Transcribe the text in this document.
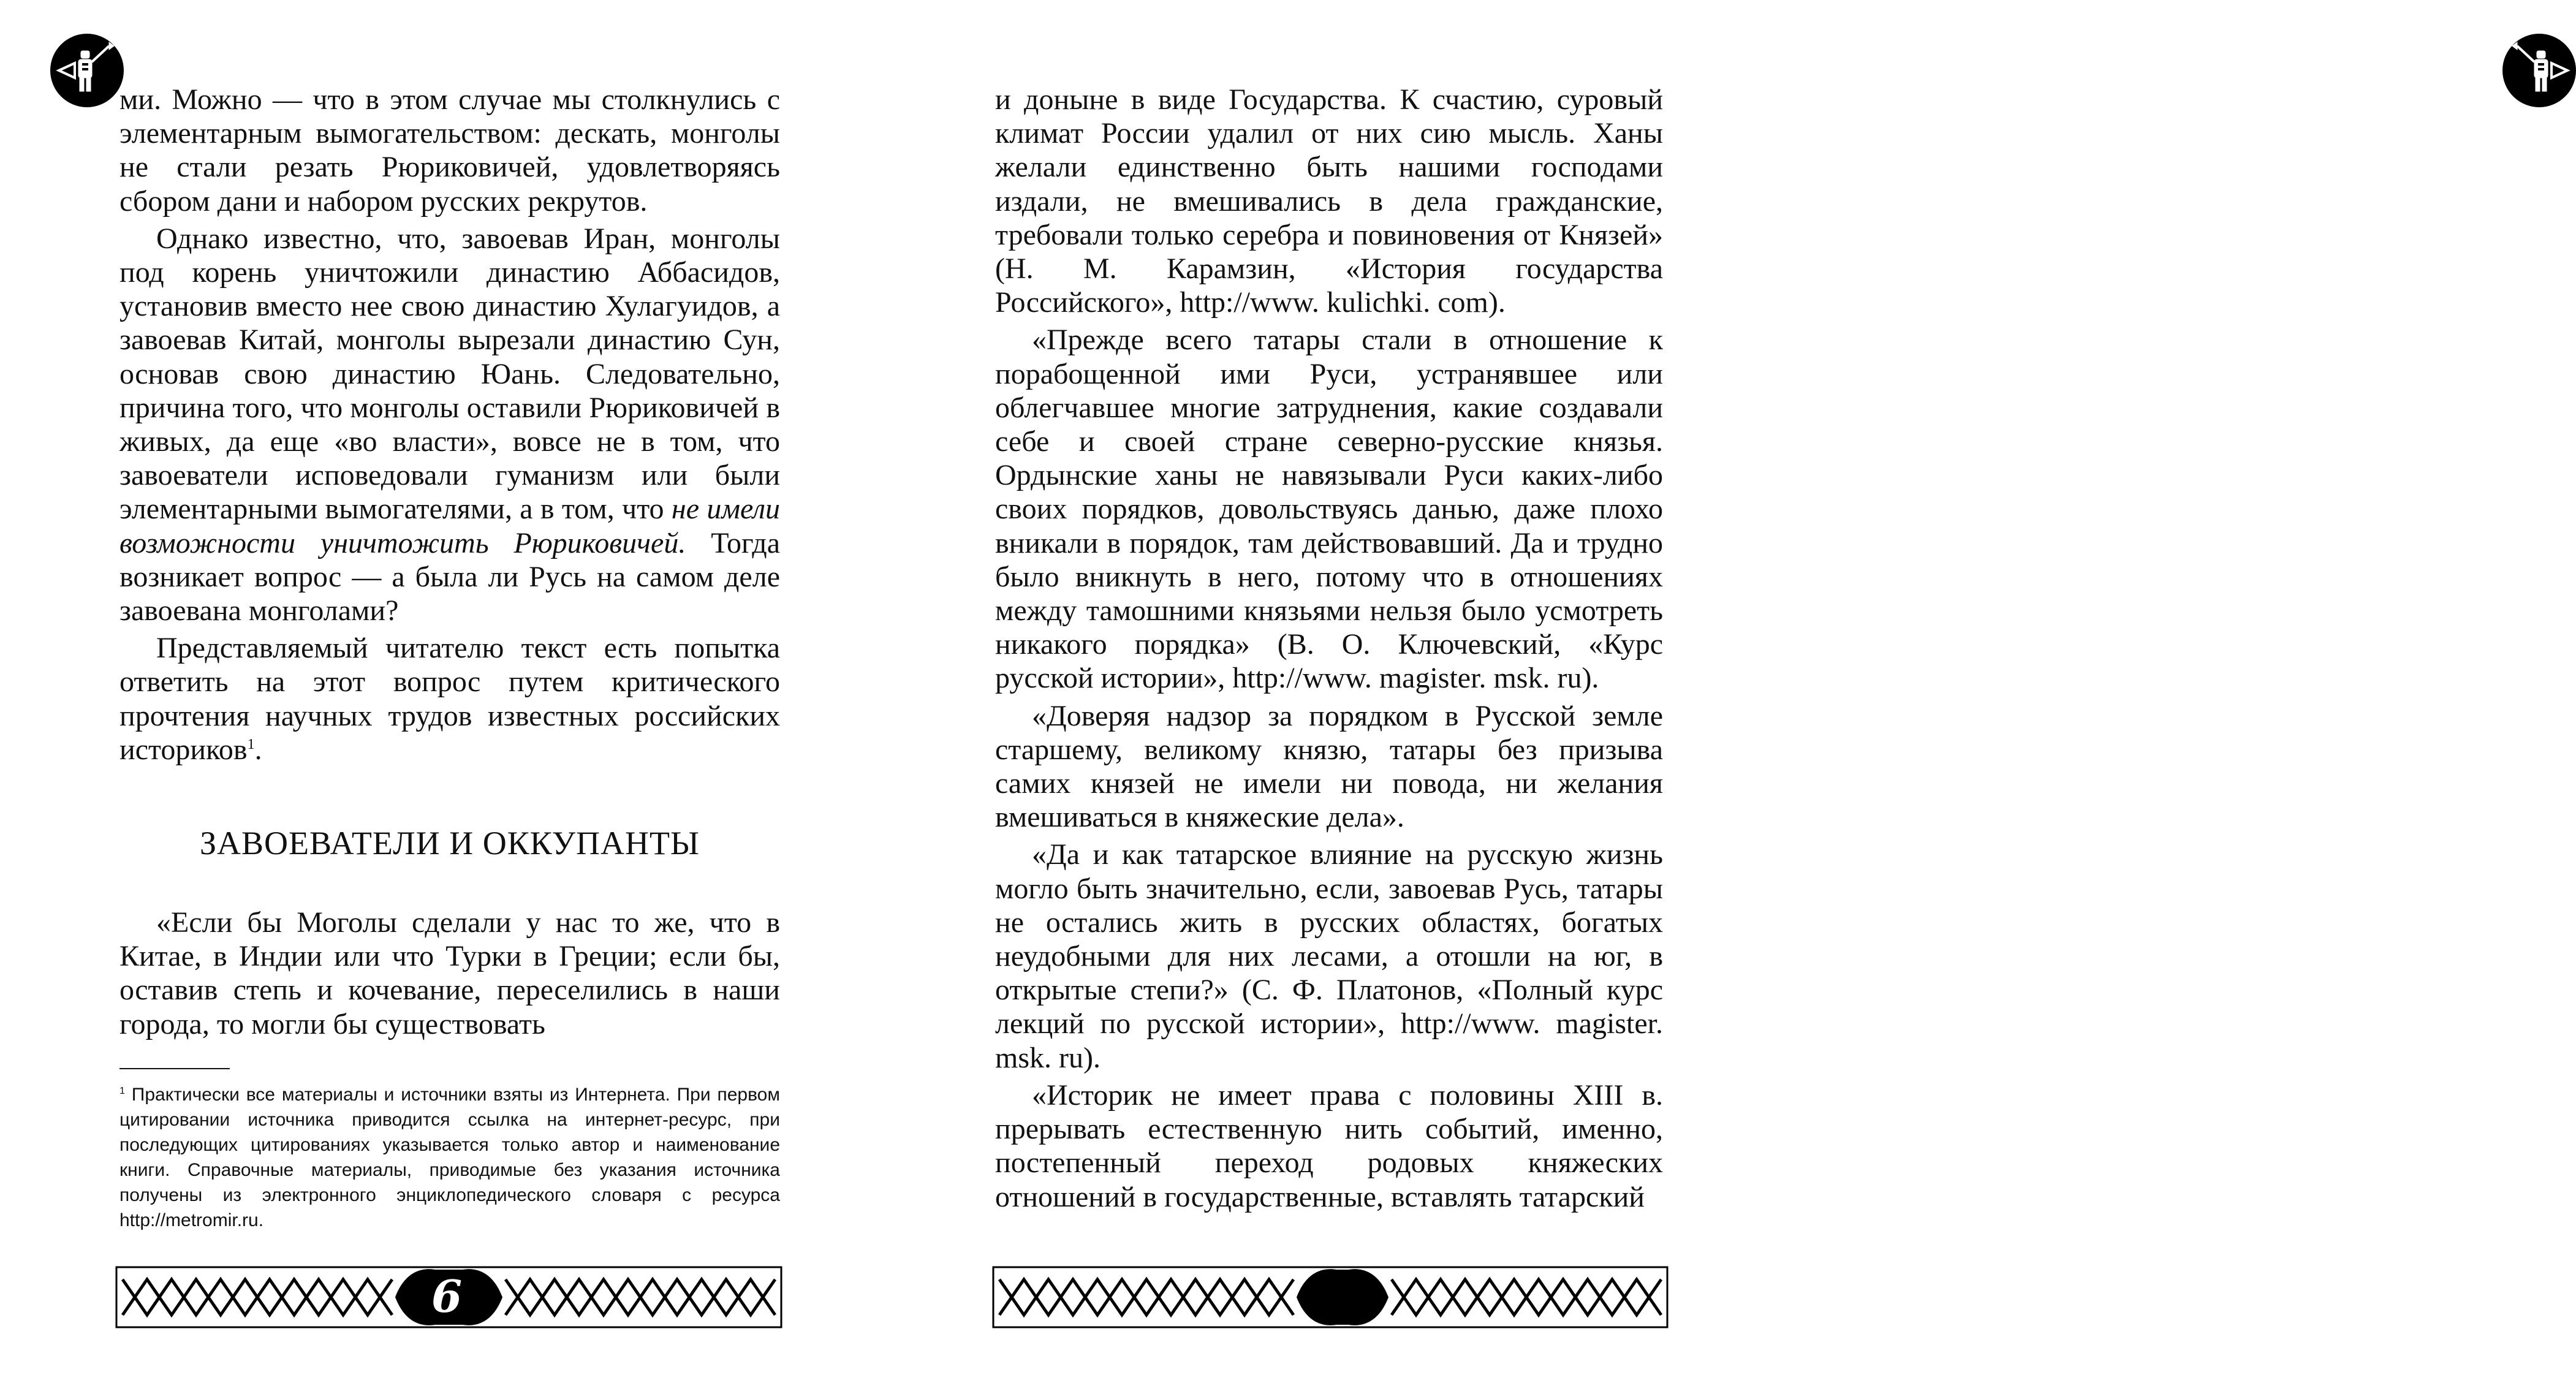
ми. Можно — что в этом случае мы столкнулись с элементарным вымогательством: дескать, монголы не стали резать Рюриковичей, удовлетворяясь сбором дани и набором русских рекрутов.

Однако известно, что, завоевав Иран, монголы под корень уничтожили династию Аббасидов, установив вместо нее свою династию Хулагуидов, а завоевав Китай, монголы вырезали династию Сун, основав свою династию Юань. Следовательно, причина того, что монголы оставили Рюриковичей в живых, да еще «во власти», вовсе не в том, что завоеватели исповедовали гуманизм или были элементарными вымогателями, а в том, что не имели возможности уничтожить Рюриковичей. Тогда возникает вопрос — а была ли Русь на самом деле завоевана монголами?

Представляемый читателю текст есть попытка ответить на этот вопрос путем критического прочтения научных трудов известных российских историков$^1$.

ЗАВОЕВАТЕЛИ И ОККУПАНТЫ

«Если бы Моголы сделали у нас то же, что в Китае, в Индии или что Турки в Греции; если бы, оставив степь и кочевание, переселились в наши города, то могли бы существовать

$^1$ Практически все материалы и источники взяты из Интернета. При первом цитировании источника приводится ссылка на интернет-ресурс, при последующих цитированиях указывается только автор и наименование книги. Справочные материалы, приводимые без указания источника получены из электронного энциклопедического словаря с ресурса http://metromir.ru.

6

и доныне в виде Государства. К счастию, суровый климат России удалил от них сию мысль. Ханы желали единственно быть нашими господами издали, не вмешивались в дела гражданские, требовали только серебра и повиновения от Князей» (Н. М. Карамзин, «История государства Российского», http://www. kulichki. com).

«Прежде всего татары стали в отношение к порабощенной ими Руси, устранявшее или облегчавшее многие затруднения, какие создавали себе и своей стране северно-русские князья. Ордынские ханы не навязывали Руси каких-либо своих порядков, довольствуясь данью, даже плохо вникали в порядок, там действовавший. Да и трудно было вникнуть в него, потому что в отношениях между тамошними князьями нельзя было усмотреть никакого порядка» (В. О. Ключевский, «Курс русской истории», http://www. magister. msk. ru).

«Доверяя надзор за порядком в Русской земле старшему, великому князю, татары без призыва самих князей не имели ни повода, ни желания вмешиваться в княжеские дела».

«Да и как татарское влияние на русскую жизнь могло быть значительно, если, завоевав Русь, татары не остались жить в русских областях, богатых неудобными для них лесами, а отошли на юг, в открытые степи?» (С. Ф. Платонов, «Полный курс лекций по русской истории», http://www. magister. msk. ru).

«Историк не имеет права с половины XIII в. прерывать естественную нить событий, именно, постепенный переход родовых княжеских отношений в государственные, вставлять татарский

7
